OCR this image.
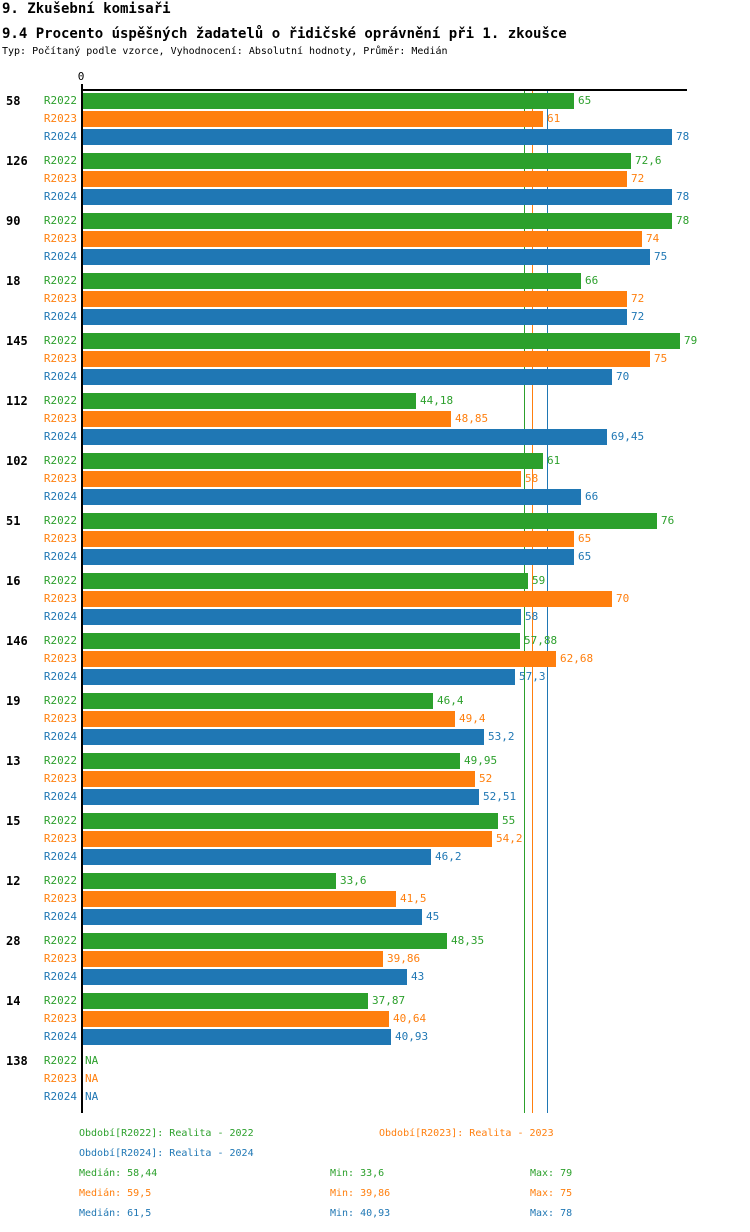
9. Zkušební komisaři
9.4 Procento úspěšných žadatelů o řidičské oprávnění při 1. zkoušce
Typ: Počítaný podle vzorce, Vyhodnocení: Absolutní hodnoty, Průměr: Medián
0
58	R2022	65
R2023	61
R2024	78
126	R2022	72,6
R2023	72
R2024	78
90	R2022	78
R2023	74
R2024	75
18	R2022	66
R2023	72
R2024	72
145	R2022	79
R2023	75
R2024	70
112	R2022	44,18
R2023	48,85
R2024	69,45
102	R2022	61
R2023	58
R2024	66
51	R2022	76
R2023	65
R2024	65
16	R2022	59
R2023	70
R2024	58
146	R2022	57,88
R2023	62,68
R2024	57,3
19	R2022	46,4
R2023	49,4
R2024	53,2
13	R2022	49,95
R2023	52
R2024	52,51
15	R2022	55
R2023	54,2
R2024	46,2
12	R2022	33,6
R2023	41,5
R2024	45
28	R2022	48,35
R2023	39,86
R2024	43
14	R2022	37,87
R2023	40,64
R2024	40,93
138	R2022 NA
R2023 NA
R2024 NA
Období[R2022]: Realita - 2022	Období[R2023]: Realita - 2023
Období[R2024]: Realita - 2024
Medián: 58,44	Min: 33,6	Max: 79
Medián: 59,5	Min: 39,86	Max: 75
Medián: 61,5	Min: 40,93	Max: 78
